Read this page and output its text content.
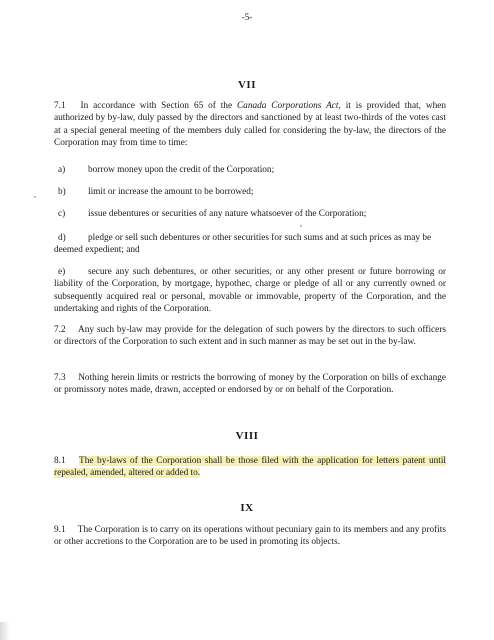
-5-
VII
7.1 In accordance with Section 65 of the Canada Corporations Act, it is provided that, when authorized by by-law, duly passed by the directors and sanctioned by at least two-thirds of the votes cast at a special general meeting of the members duly called for considering the by-law, the directors of the Corporation may from time to time:
a) borrow money upon the credit of the Corporation;
b) limit or increase the amount to be borrowed;
c) issue debentures or securities of any nature whatsoever of the Corporation;
d) pledge or sell such debentures or other securities for such sums and at such prices as may be deemed expedient; and
e) secure any such debentures, or other securities, or any other present or future borrowing or liability of the Corporation, by mortgage, hypothec, charge or pledge of all or any currently owned or subsequently acquired real or personal, movable or immovable, property of the Corporation, and the undertaking and rights of the Corporation.
7.2 Any such by-law may provide for the delegation of such powers by the directors to such officers or directors of the Corporation to such extent and in such manner as may be set out in the by-law.
7.3 Nothing herein limits or restricts the borrowing of money by the Corporation on bills of exchange or promissory notes made, drawn, accepted or endorsed by or on behalf of the Corporation.
VIII
8.1 The by-laws of the Corporation shall be those filed with the application for letters patent until repealed, amended, altered or added to.
IX
9.1 The Corporation is to carry on its operations without pecuniary gain to its members and any profits or other accretions to the Corporation are to be used in promoting its objects.
